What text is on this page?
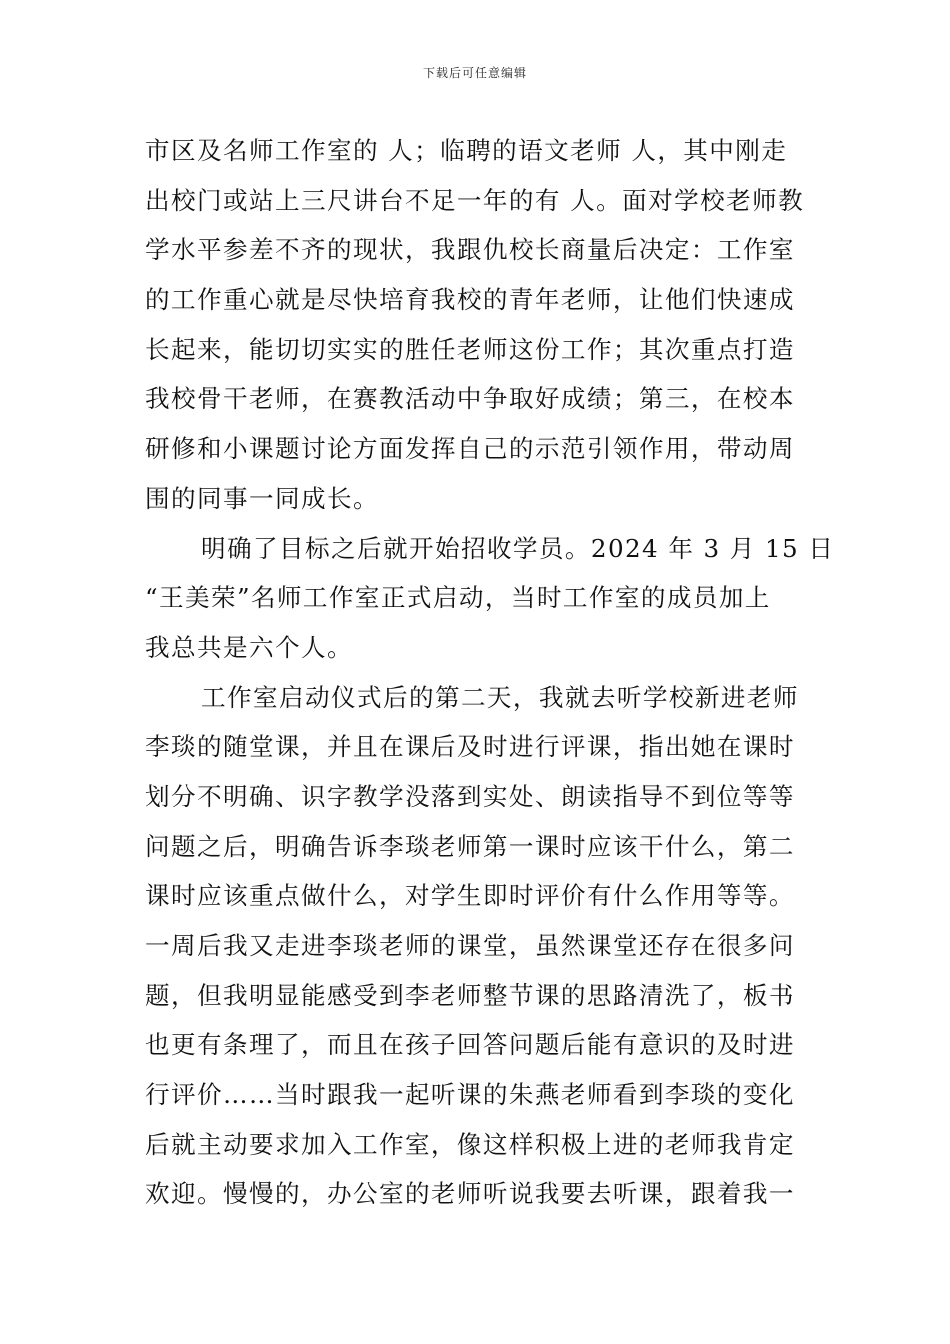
下载后可任意编辑
市区及名师工作室的 人；临聘的语文老师 人，其中刚走
出校门或站上三尺讲台不足一年的有 人。面对学校老师教
学水平参差不齐的现状，我跟仇校长商量后决定：工作室
的工作重心就是尽快培育我校的青年老师，让他们快速成
长起来，能切切实实的胜任老师这份工作；其次重点打造
我校骨干老师，在赛教活动中争取好成绩；第三，在校本
研修和小课题讨论方面发挥自己的示范引领作用，带动周
围的同事一同成长。
明确了目标之后就开始招收学员。2024 年 3 月 15 日
“王美荣”名师工作室正式启动，当时工作室的成员加上
我总共是六个人。
工作室启动仪式后的第二天，我就去听学校新进老师
李琰的随堂课，并且在课后及时进行评课，指出她在课时
划分不明确、识字教学没落到实处、朗读指导不到位等等
问题之后，明确告诉李琰老师第一课时应该干什么，第二
课时应该重点做什么，对学生即时评价有什么作用等等。
一周后我又走进李琰老师的课堂，虽然课堂还存在很多问
题，但我明显能感受到李老师整节课的思路清洗了，板书
也更有条理了，而且在孩子回答问题后能有意识的及时进
行评价……当时跟我一起听课的朱燕老师看到李琰的变化
后就主动要求加入工作室，像这样积极上进的老师我肯定
欢迎。慢慢的，办公室的老师听说我要去听课，跟着我一
